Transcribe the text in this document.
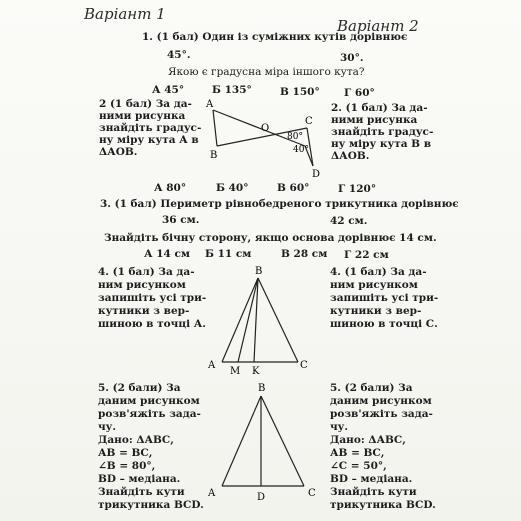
Варіант 1
Варіант 2
1. (1 бал) Один із суміжних кутів дорівнює
45°.	30°.
Якою є градусна міра іншого кута?
А 45°	Б 135°	В 150° Г 60°
2 (1 бал) За да-
ними рисунка
знайдіть градус-
ну міру кута А в
ΔАОВ.
A
B
C
D
O
80°
40°
2. (1 бал) За да-
ними рисунка
знайдіть градус-
ну міру кута В в
ΔАОВ.
А 80°	Б 40°	В 60°	Г 120°
3. (1 бал) Периметр рівнобедреного трикутника дорівнює
36 см.	42 см.
Знайдіть бічну сторону, якщо основа дорівнює 14 см.
А 14 см Б 11 см	В 28 см Г 22 см
4. (1 бал) За да-
ним рисунком
запишіть усі три-
кутники з вер-
шиною в точці А.
B
A
M K
C
4. (1 бал) За да-
ним рисунком
запишіть усі три-
кутники з вер-
шиною в точці С.
5. (2 бали) За
даним рисунком
розв'яжіть зада-
чу.
Дано: ΔАВС,
АВ = ВС,
∠В = 80°,
BD – медіана.
Знайдіть кути
трикутника BCD.
B
A	D	C
5. (2 бали) За
даним рисунком
розв'яжіть зада-
чу.
Дано: ΔАВС,
АВ = ВС,
∠С = 50°,
BD – медіана.
Знайдіть кути
трикутника BCD.
